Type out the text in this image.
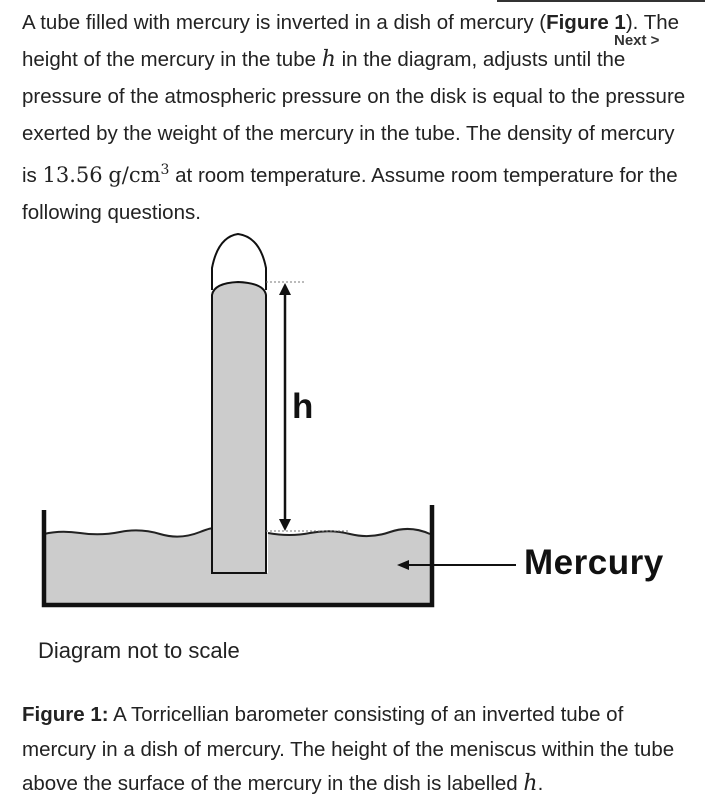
Next >
A tube filled with mercury is inverted in a dish of mercury (Figure 1). The height of the mercury in the tube h in the diagram, adjusts until the pressure of the atmospheric pressure on the disk is equal to the pressure exerted by the weight of the mercury in the tube. The density of mercury is 13.56 $g/cm^3$ at room temperature. Assume room temperature for the following questions.
h
Mercury
Diagram not to scale
Figure 1: A Torricellian barometer consisting of an inverted tube of mercury in a dish of mercury. The height of the meniscus within the tube above the surface of the mercury in the dish is labelled h.
